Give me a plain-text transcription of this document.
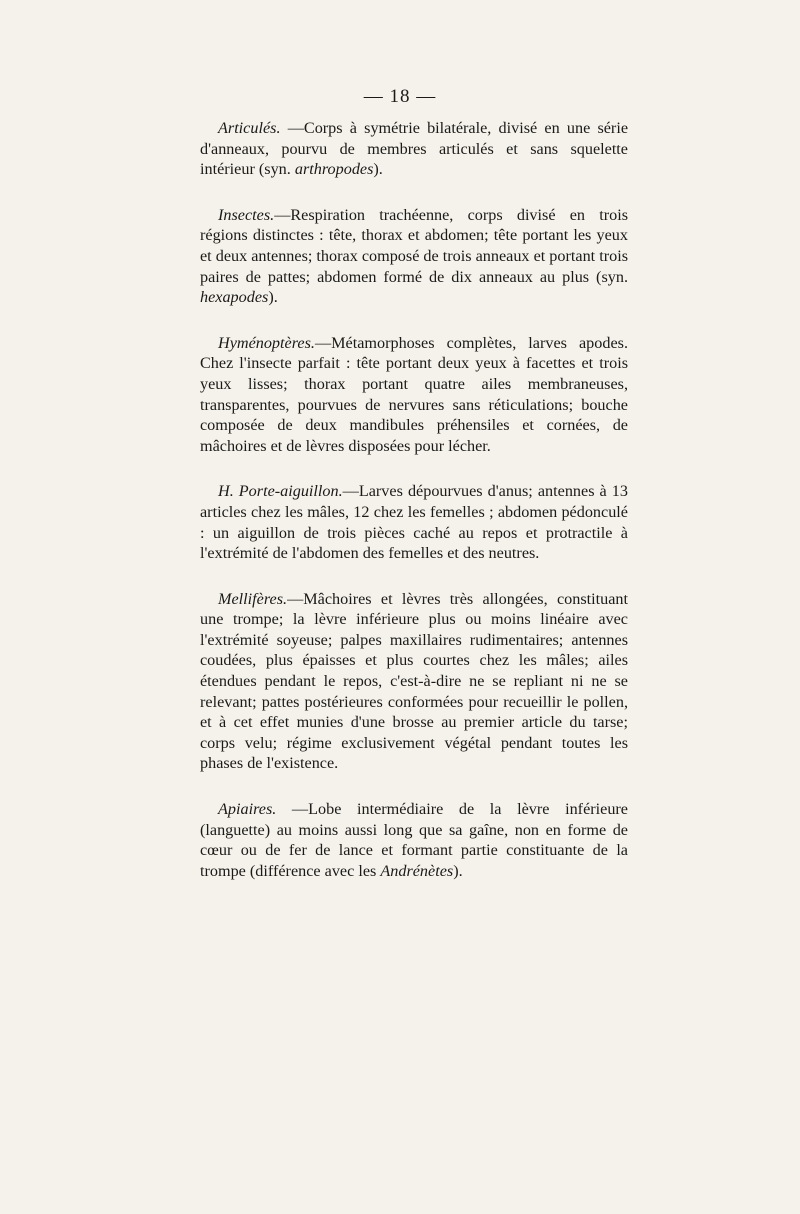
— 18 —

Articulés. —Corps à symétrie bilatérale, divisé en une série d'anneaux, pourvu de membres articulés et sans squelette intérieur (syn. arthropodes).

Insectes.—Respiration trachéenne, corps divisé en trois régions distinctes : tête, thorax et abdomen; tête portant les yeux et deux antennes; thorax composé de trois anneaux et portant trois paires de pattes; abdomen formé de dix anneaux au plus (syn. hexapodes).

Hyménoptères.—Métamorphoses complètes, larves apodes. Chez l'insecte parfait : tête portant deux yeux à facettes et trois yeux lisses; thorax portant quatre ailes membraneuses, transparentes, pourvues de nervures sans réticulations; bouche composée de deux mandibules préhensiles et cornées, de mâchoires et de lèvres disposées pour lécher.

H. Porte-aiguillon.—Larves dépourvues d'anus; antennes à 13 articles chez les mâles, 12 chez les femelles ; abdomen pédonculé : un aiguillon de trois pièces caché au repos et protractile à l'extrémité de l'abdomen des femelles et des neutres.

Mellifères.—Mâchoires et lèvres très allongées, constituant une trompe; la lèvre inférieure plus ou moins linéaire avec l'extrémité soyeuse; palpes maxillaires rudimentaires; antennes coudées, plus épaisses et plus courtes chez les mâles; ailes étendues pendant le repos, c'est-à-dire ne se repliant ni ne se relevant; pattes postérieures conformées pour recueillir le pollen, et à cet effet munies d'une brosse au premier article du tarse; corps velu; régime exclusivement végétal pendant toutes les phases de l'existence.

Apiaires. —Lobe intermédiaire de la lèvre inférieure (languette) au moins aussi long que sa gaîne, non en forme de cœur ou de fer de lance et formant partie constituante de la trompe (différence avec les Andrénètes).
